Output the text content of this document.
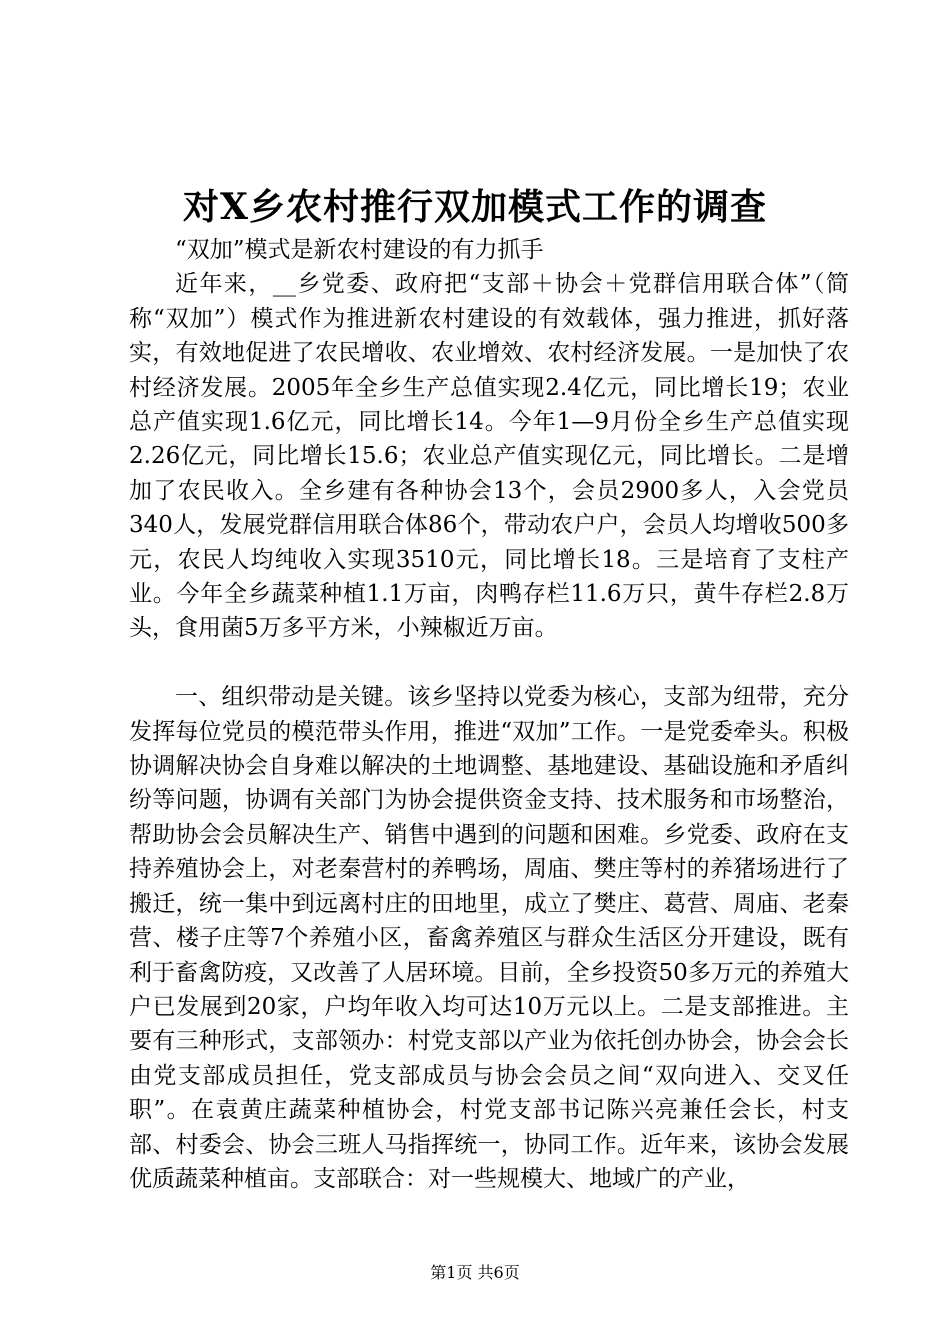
对X乡农村推行双加模式工作的调查

“双加”模式是新农村建设的有力抓手

近年来，__乡党委、政府把“支部＋协会＋党群信用联合体”（简称“双加”）模式作为推进新农村建设的有效载体，强力推进，抓好落实，有效地促进了农民增收、农业增效、农村经济发展。一是加快了农村经济发展。2005年全乡生产总值实现2.4亿元，同比增长19；农业总产值实现1.6亿元，同比增长14。今年1—9月份全乡生产总值实现2.26亿元，同比增长15.6；农业总产值实现亿元，同比增长。二是增加了农民收入。全乡建有各种协会13个，会员2900多人，入会党员340人，发展党群信用联合体86个，带动农户户，会员人均增收500多元，农民人均纯收入实现3510元，同比增长18。三是培育了支柱产业。今年全乡蔬菜种植1.1万亩，肉鸭存栏11.6万只，黄牛存栏2.8万头，食用菌5万多平方米，小辣椒近万亩。

一、组织带动是关键。该乡坚持以党委为核心，支部为纽带，充分发挥每位党员的模范带头作用，推进“双加”工作。一是党委牵头。积极协调解决协会自身难以解决的土地调整、基地建设、基础设施和矛盾纠纷等问题，协调有关部门为协会提供资金支持、技术服务和市场整治，帮助协会会员解决生产、销售中遇到的问题和困难。乡党委、政府在支持养殖协会上，对老秦营村的养鸭场，周庙、樊庄等村的养猪场进行了搬迁，统一集中到远离村庄的田地里，成立了樊庄、葛营、周庙、老秦营、楼子庄等7个养殖小区，畜禽养殖区与群众生活区分开建设，既有利于畜禽防疫，又改善了人居环境。目前，全乡投资50多万元的养殖大户已发展到20家，户均年收入均可达10万元以上。二是支部推进。主要有三种形式，支部领办：村党支部以产业为依托创办协会，协会会长由党支部成员担任，党支部成员与协会会员之间“双向进入、交叉任职”。在袁黄庄蔬菜种植协会，村党支部书记陈兴亮兼任会长，村支部、村委会、协会三班人马指挥统一，协同工作。近年来，该协会发展优质蔬菜种植亩。支部联合：对一些规模大、地域广的产业，

第1页 共6页
